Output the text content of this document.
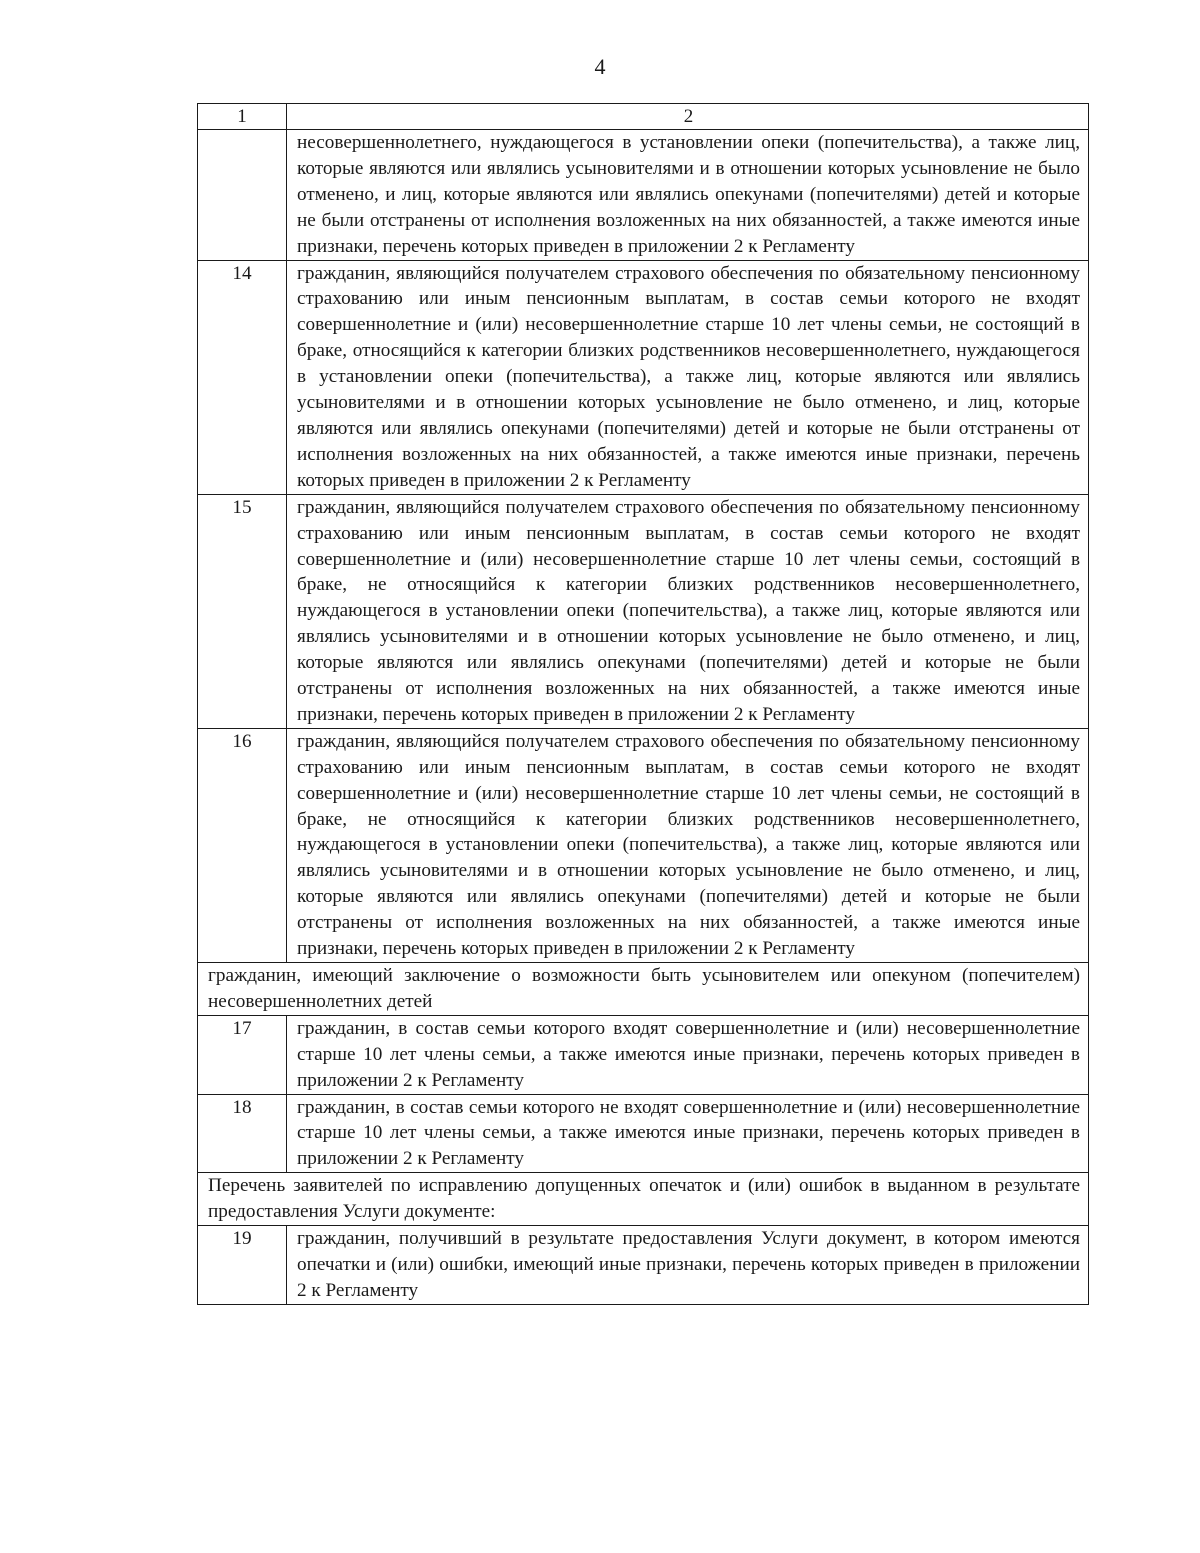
4
1	2
	несовершеннолетнего, нуждающегося в установлении опеки (попечительства), а также лиц, которые являются или являлись усыновителями и в отношении которых усыновление не было отменено, и лиц, которые являются или являлись опекунами (попечителями) детей и которые не были отстранены от исполнения возложенных на них обязанностей, а также имеются иные признаки, перечень которых приведен в приложении 2 к Регламенту
14	гражданин, являющийся получателем страхового обеспечения по обязательному пенсионному страхованию или иным пенсионным выплатам, в состав семьи которого не входят совершеннолетние и (или) несовершеннолетние старше 10 лет члены семьи, не состоящий в браке, относящийся к категории близких родственников несовершеннолетнего, нуждающегося в установлении опеки (попечительства), а также лиц, которые являются или являлись усыновителями и в отношении которых усыновление не было отменено, и лиц, которые являются или являлись опекунами (попечителями) детей и которые не были отстранены от исполнения возложенных на них обязанностей, а также имеются иные признаки, перечень которых приведен в приложении 2 к Регламенту
15	гражданин, являющийся получателем страхового обеспечения по обязательному пенсионному страхованию или иным пенсионным выплатам, в состав семьи которого не входят совершеннолетние и (или) несовершеннолетние старше 10 лет члены семьи, состоящий в браке, не относящийся к категории близких родственников несовершеннолетнего, нуждающегося в установлении опеки (попечительства), а также лиц, которые являются или являлись усыновителями и в отношении которых усыновление не было отменено, и лиц, которые являются или являлись опекунами (попечителями) детей и которые не были отстранены от исполнения возложенных на них обязанностей, а также имеются иные признаки, перечень которых приведен в приложении 2 к Регламенту
16	гражданин, являющийся получателем страхового обеспечения по обязательному пенсионному страхованию или иным пенсионным выплатам, в состав семьи которого не входят совершеннолетние и (или) несовершеннолетние старше 10 лет члены семьи, не состоящий в браке, не относящийся к категории близких родственников несовершеннолетнего, нуждающегося в установлении опеки (попечительства), а также лиц, которые являются или являлись усыновителями и в отношении которых усыновление не было отменено, и лиц, которые являются или являлись опекунами (попечителями) детей и которые не были отстранены от исполнения возложенных на них обязанностей, а также имеются иные признаки, перечень которых приведен в приложении 2 к Регламенту
гражданин, имеющий заключение о возможности быть усыновителем или опекуном (попечителем) несовершеннолетних детей	
17	гражданин, в состав семьи которого входят совершеннолетние и (или) несовершеннолетние старше 10 лет члены семьи, а также имеются иные признаки, перечень которых приведен в приложении 2 к Регламенту
18	гражданин, в состав семьи которого не входят совершеннолетние и (или) несовершеннолетние старше 10 лет члены семьи, а также имеются иные признаки, перечень которых приведен в приложении 2 к Регламенту
Перечень заявителей по исправлению допущенных опечаток и (или) ошибок в выданном в результате предоставления Услуги документе:	
19	гражданин, получивший в результате предоставления Услуги документ, в котором имеются опечатки и (или) ошибки, имеющий иные признаки, перечень которых приведен в приложении 2 к Регламенту
